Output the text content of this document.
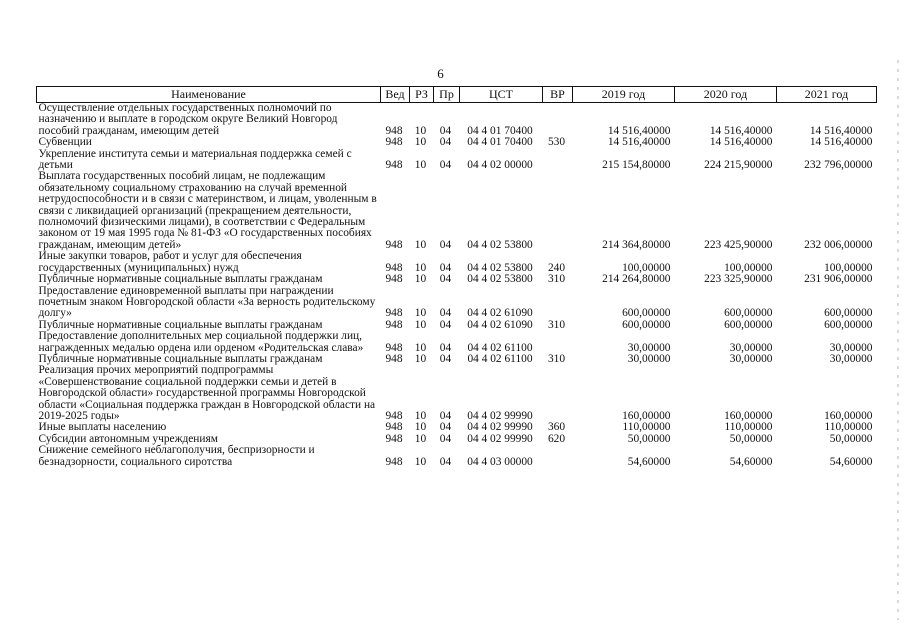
6
Наименование	Вед	РЗ	Пр	ЦСТ	ВР	2019 год	2020 год	2021 год
Осуществление отдельных государственных полномочий по назначению и выплате в городском округе Великий Новгород пособий гражданам, имеющим детей	948	10	04	04 4 01 70400		14 516,40000	14 516,40000	14 516,40000
Субвенции	948	10	04	04 4 01 70400	530	14 516,40000	14 516,40000	14 516,40000
Укрепление института семьи и материальная поддержка семей с детьми	948	10	04	04 4 02 00000		215 154,80000	224 215,90000	232 796,00000
Выплата государственных пособий лицам, не подлежащим обязательному социальному страхованию на случай временной нетрудоспособности и в связи с материнством, и лицам, уволенным в связи с ликвидацией организаций (прекращением деятельности, полномочий физическими лицами), в соответствии с Федеральным законом от 19 мая 1995 года № 81-ФЗ «О государственных пособиях гражданам, имеющим детей»	948	10	04	04 4 02 53800		214 364,80000	223 425,90000	232 006,00000
Иные закупки товаров, работ и услуг для обеспечения государственных (муниципальных) нужд	948	10	04	04 4 02 53800	240	100,00000	100,00000	100,00000
Публичные нормативные социальные выплаты гражданам	948	10	04	04 4 02 53800	310	214 264,80000	223 325,90000	231 906,00000
Предоставление единовременной выплаты при награждении почетным знаком Новгородской области «За верность родительскому долгу»	948	10	04	04 4 02 61090		600,00000	600,00000	600,00000
Публичные нормативные социальные выплаты гражданам	948	10	04	04 4 02 61090	310	600,00000	600,00000	600,00000
Предоставление дополнительных мер социальной поддержки лиц, награжденных медалью ордена или орденом «Родительская слава»	948	10	04	04 4 02 61100		30,00000	30,00000	30,00000
Публичные нормативные социальные выплаты гражданам	948	10	04	04 4 02 61100	310	30,00000	30,00000	30,00000
Реализация прочих мероприятий подпрограммы «Совершенствование социальной поддержки семьи и детей в Новгородской области» государственной программы Новгородской области «Социальная поддержка граждан в Новгородской области на 2019-2025 годы»	948	10	04	04 4 02 99990		160,00000	160,00000	160,00000
Иные выплаты населению	948	10	04	04 4 02 99990	360	110,00000	110,00000	110,00000
Субсидии автономным учреждениям	948	10	04	04 4 02 99990	620	50,00000	50,00000	50,00000
Снижение семейного неблагополучия, беспризорности и безнадзорности, социального сиротства	948	10	04	04 4 03 00000		54,60000	54,60000	54,60000
